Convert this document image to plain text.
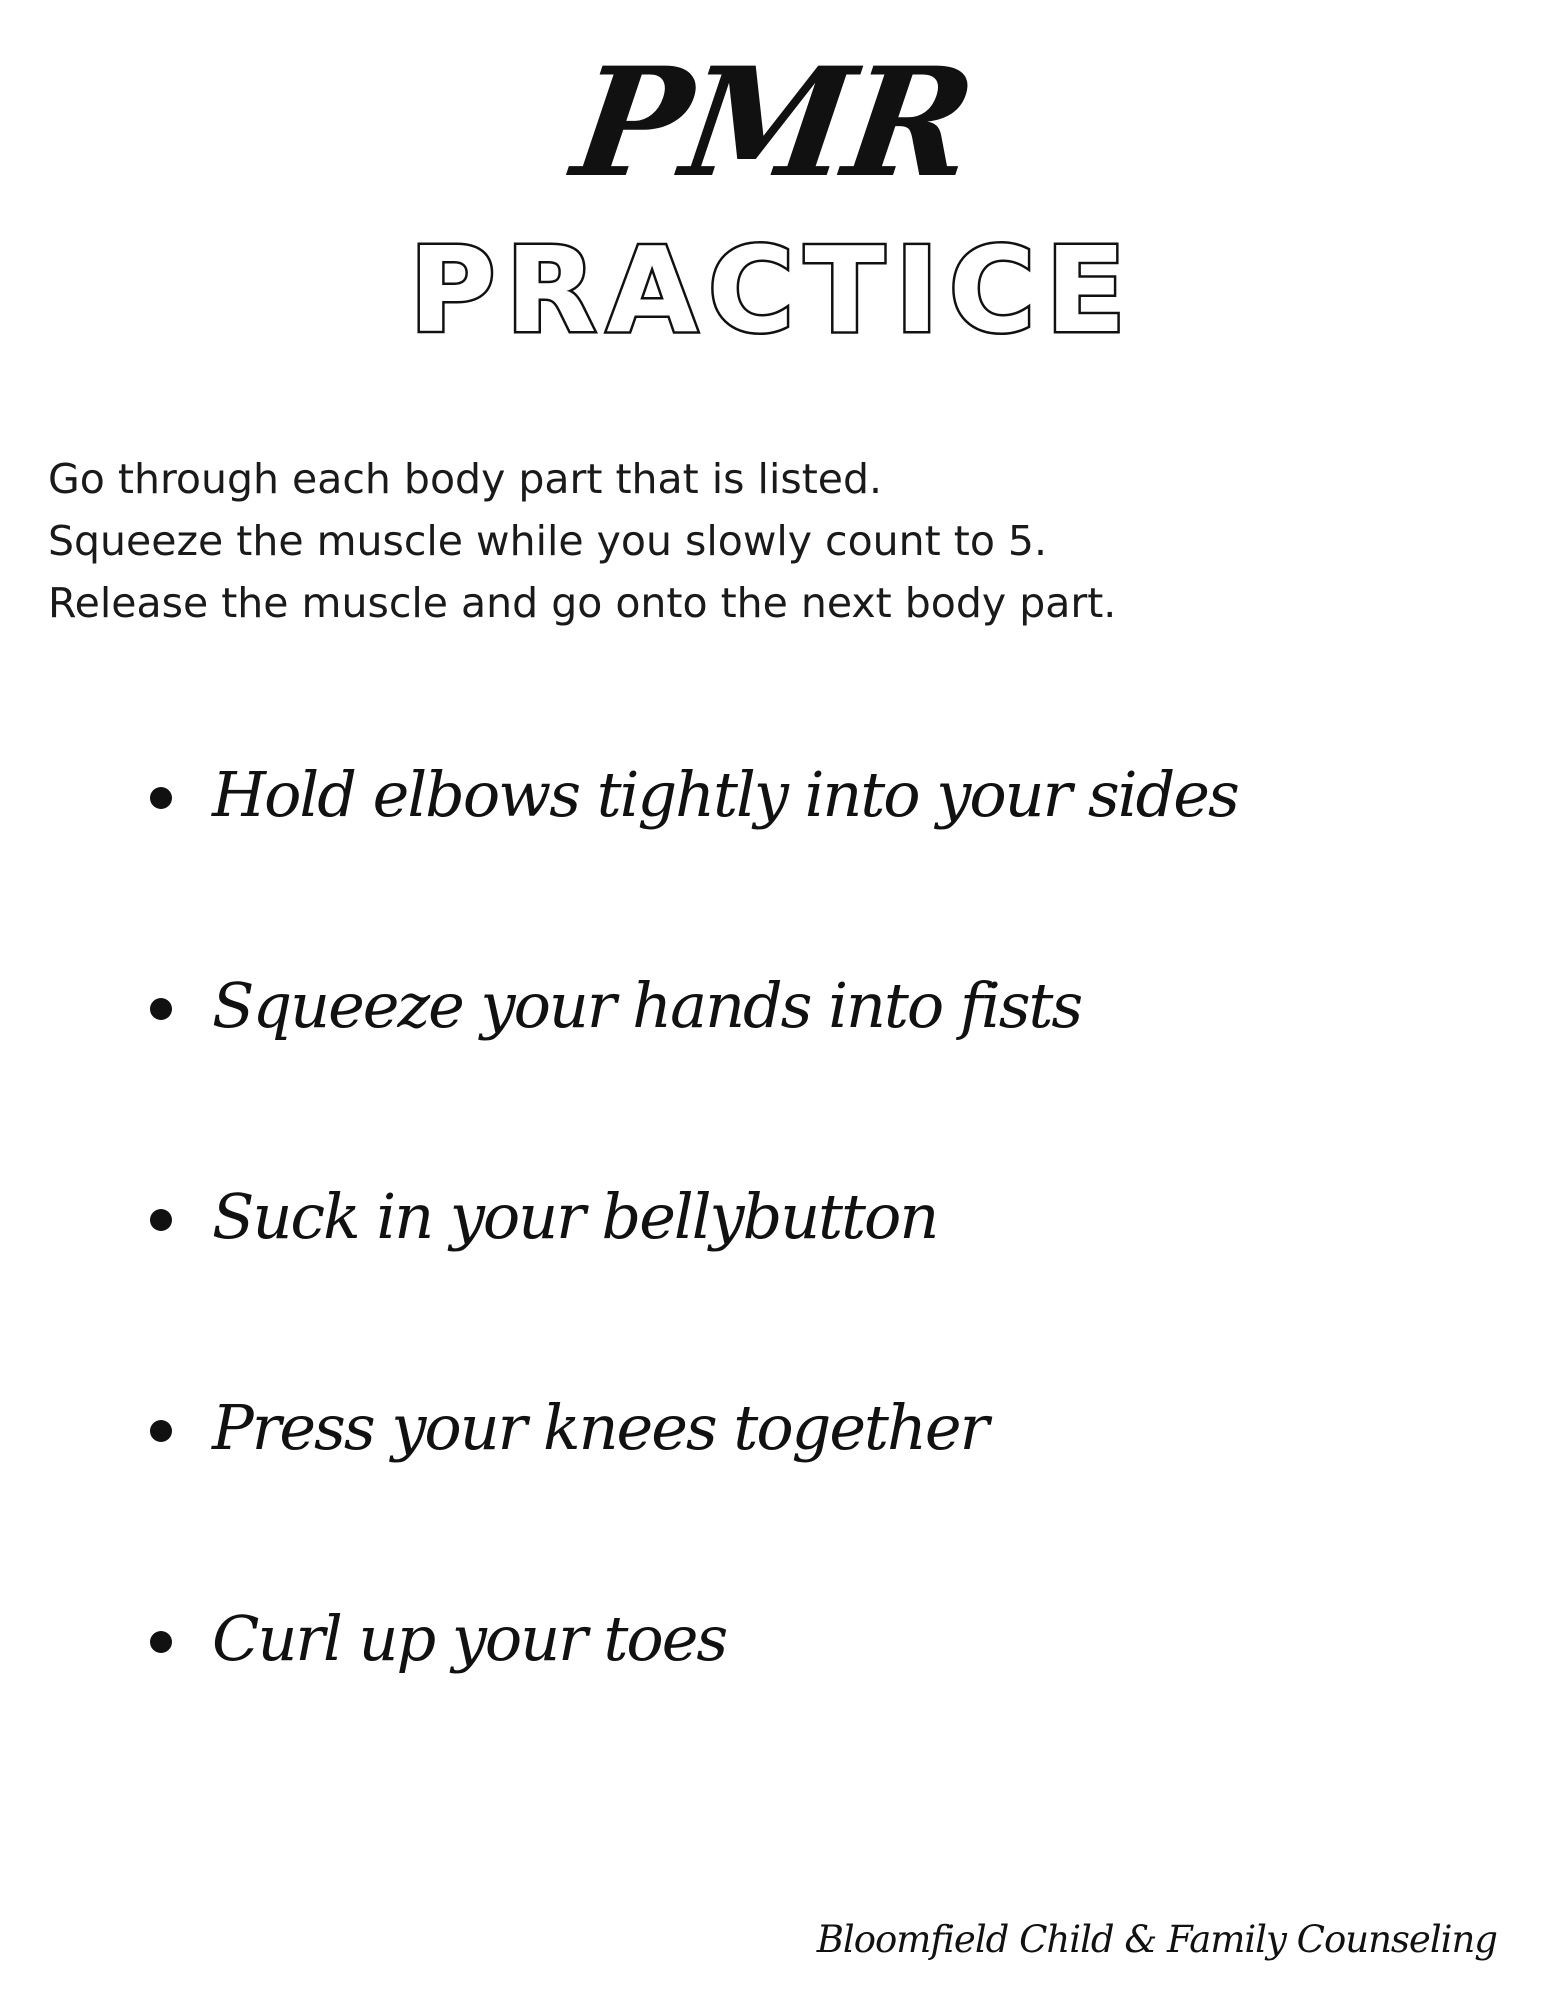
PMR
PRACTICE
Go through each body part that is listed.
Squeeze the muscle while you slowly count to 5.
Release the muscle and go onto the next body part.
Hold elbows tightly into your sides
Squeeze your hands into fists
Suck in your bellybutton
Press your knees together
Curl up your toes
Bloomfield Child & Family Counseling
